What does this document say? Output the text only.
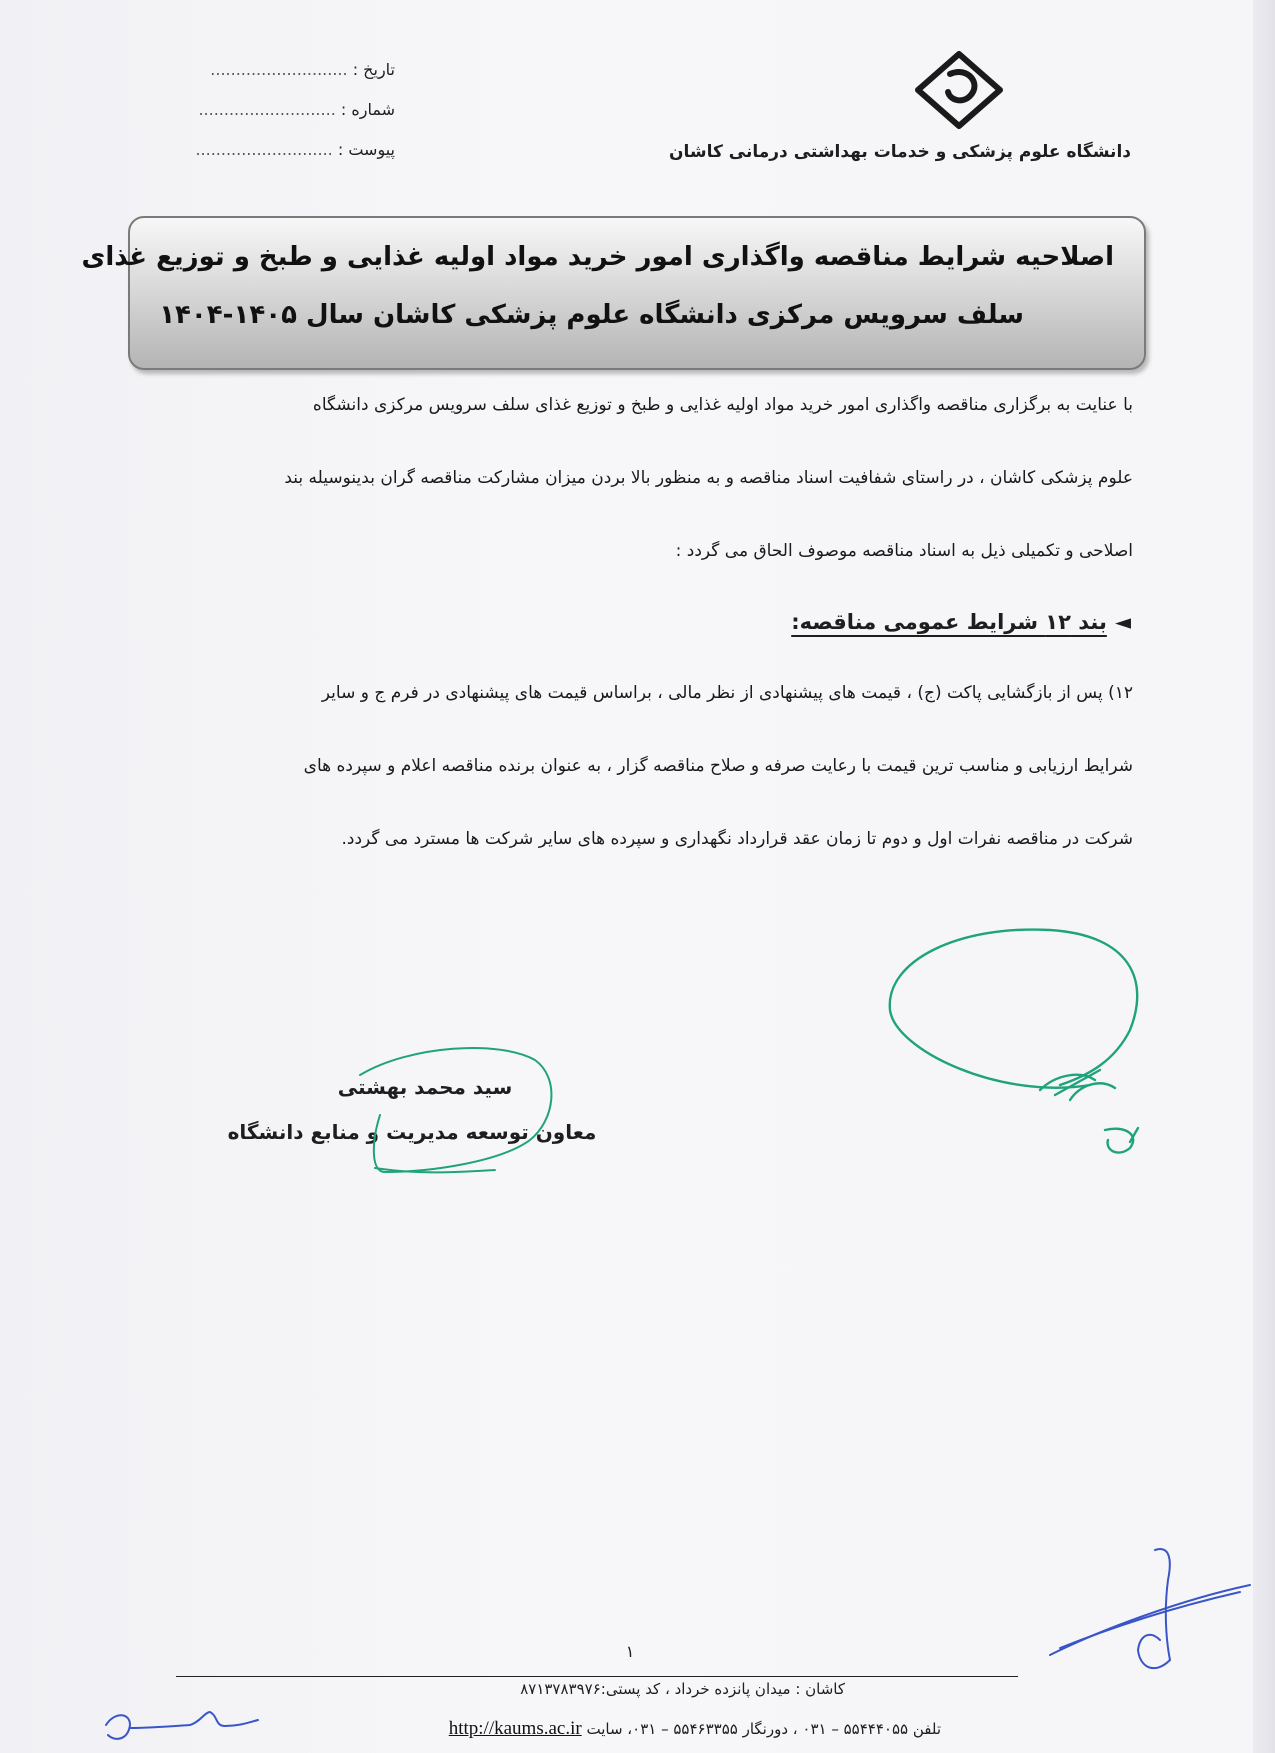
دانشگاه علوم پزشکی و خدمات بهداشتی درمانی کاشان
تاریخ : ...........................
شماره : ...........................
پیوست : ...........................
اصلاحیه شرایط مناقصه واگذاری امور خرید مواد اولیه غذایی و طبخ و توزیع غذای
سلف سرویس مرکزی دانشگاه علوم پزشکی کاشان سال ۱۴۰۵-۱۴۰۴
با عنایت به برگزاری مناقصه واگذاری امور خرید مواد اولیه غذایی و طبخ و توزیع غذای سلف سرویس مرکزی دانشگاه
علوم پزشکی کاشان ، در راستای شفافیت اسناد مناقصه و به منظور بالا بردن میزان مشارکت مناقصه گران بدینوسیله بند
اصلاحی و تکمیلی ذیل به اسناد مناقصه موصوف الحاق می گردد :
◄بند ۱۲ شرایط عمومی مناقصه:
۱۲) پس از بازگشایی پاکت (ج) ، قیمت های پیشنهادی از نظر مالی ، براساس قیمت های پیشنهادی در فرم ج و سایر
شرایط ارزیابی و مناسب ترین قیمت با رعایت صرفه و صلاح مناقصه گزار ، به عنوان برنده مناقصه اعلام و سپرده های
شرکت در مناقصه نفرات اول و دوم تا زمان عقد قرارداد نگهداری و سپرده های سایر شرکت ها مسترد می گردد.
سید محمد بهشتی
معاون توسعه مدیریت و منابع دانشگاه
۱
کاشان : میدان پانزده خرداد ، کد پستی:۸۷۱۳۷۸۳۹۷۶
تلفن ۵۵۴۴۴۰۵۵ – ۰۳۱ ، دورنگار ۵۵۴۶۳۳۵۵ – ۰۳۱، سایت http://kaums.ac.ir
